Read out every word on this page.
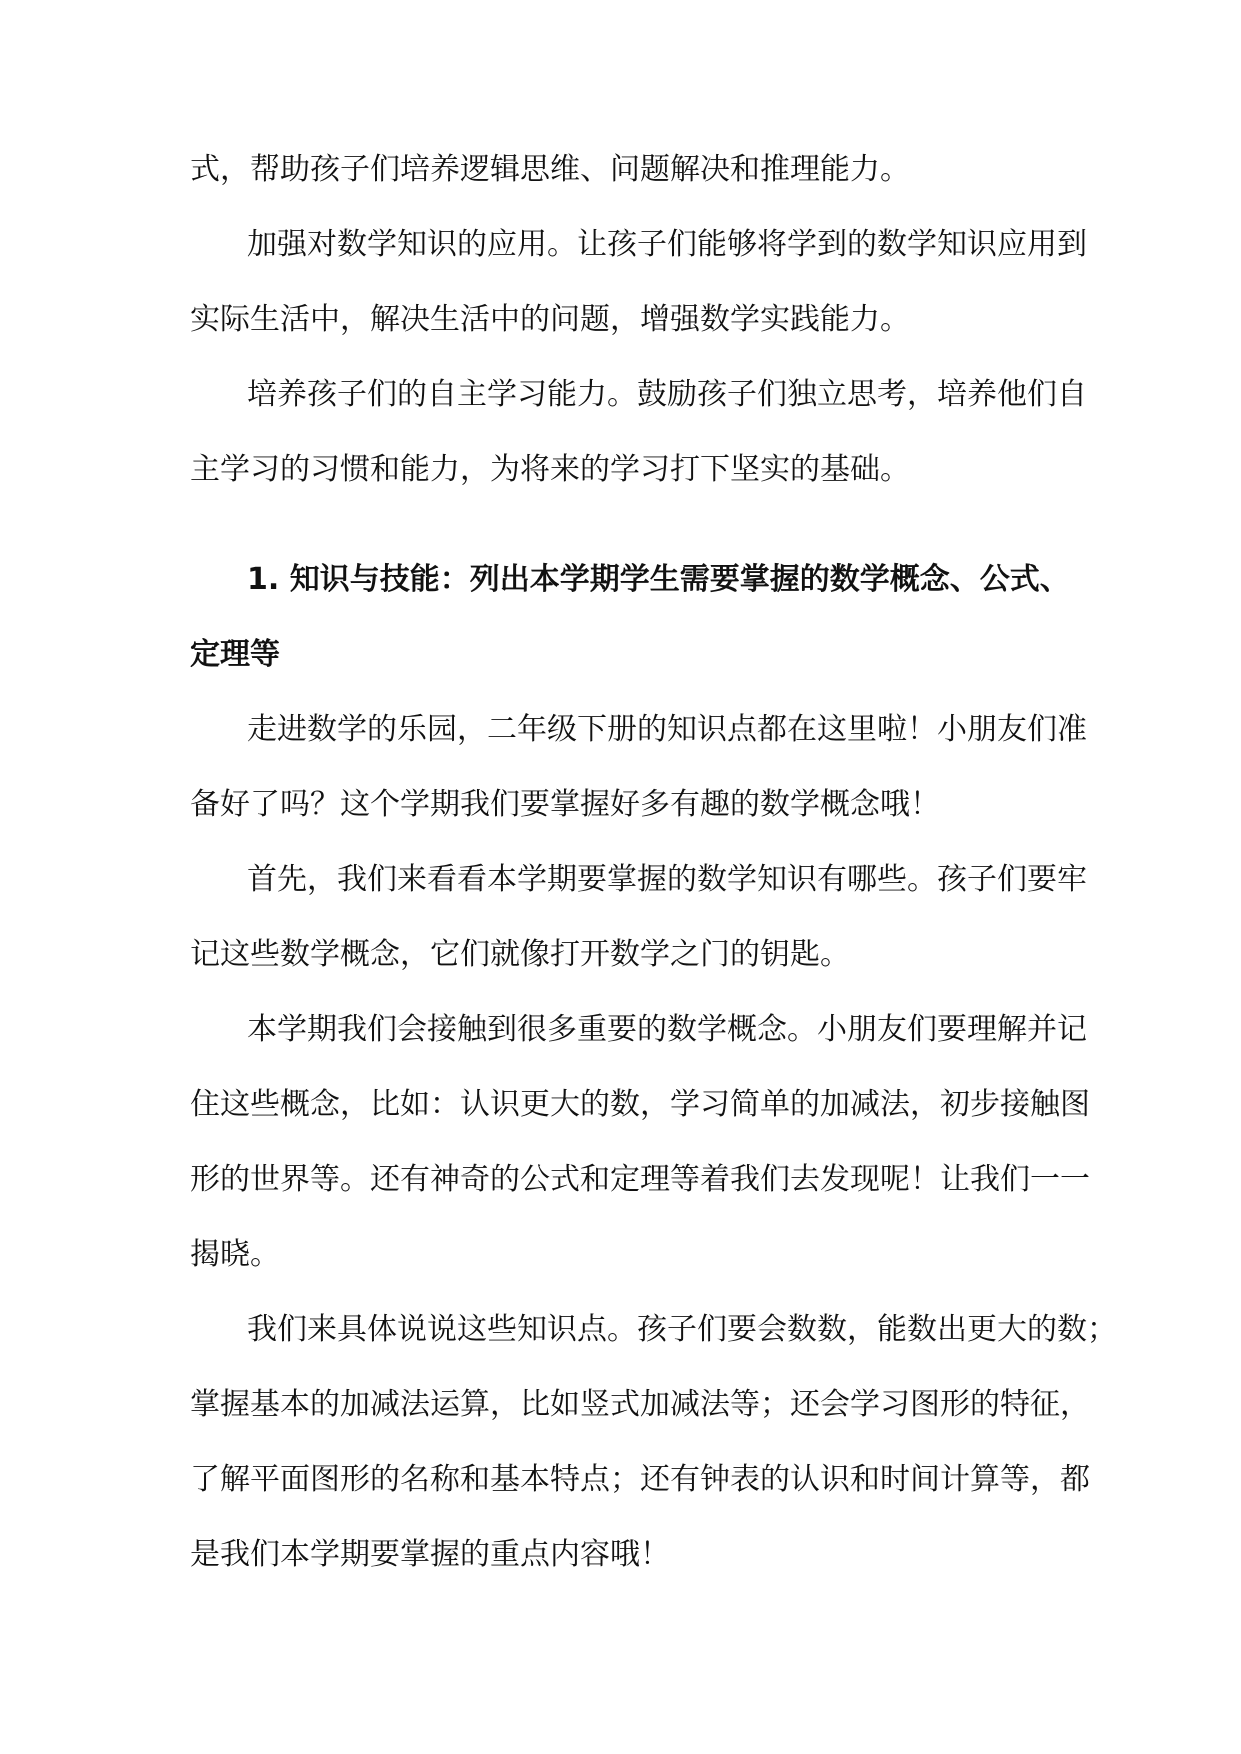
式，帮助孩子们培养逻辑思维、问题解决和推理能力。
加强对数学知识的应用。让孩子们能够将学到的数学知识应用到
实际生活中，解决生活中的问题，增强数学实践能力。
培养孩子们的自主学习能力。鼓励孩子们独立思考，培养他们自
主学习的习惯和能力，为将来的学习打下坚实的基础。
1. 知识与技能：列出本学期学生需要掌握的数学概念、公式、
定理等
走进数学的乐园，二年级下册的知识点都在这里啦！小朋友们准
备好了吗？这个学期我们要掌握好多有趣的数学概念哦！
首先，我们来看看本学期要掌握的数学知识有哪些。孩子们要牢
记这些数学概念，它们就像打开数学之门的钥匙。
本学期我们会接触到很多重要的数学概念。小朋友们要理解并记
住这些概念，比如：认识更大的数，学习简单的加减法，初步接触图
形的世界等。还有神奇的公式和定理等着我们去发现呢！让我们一一
揭晓。
我们来具体说说这些知识点。孩子们要会数数，能数出更大的数；
掌握基本的加减法运算，比如竖式加减法等；还会学习图形的特征，
了解平面图形的名称和基本特点；还有钟表的认识和时间计算等，都
是我们本学期要掌握的重点内容哦！
